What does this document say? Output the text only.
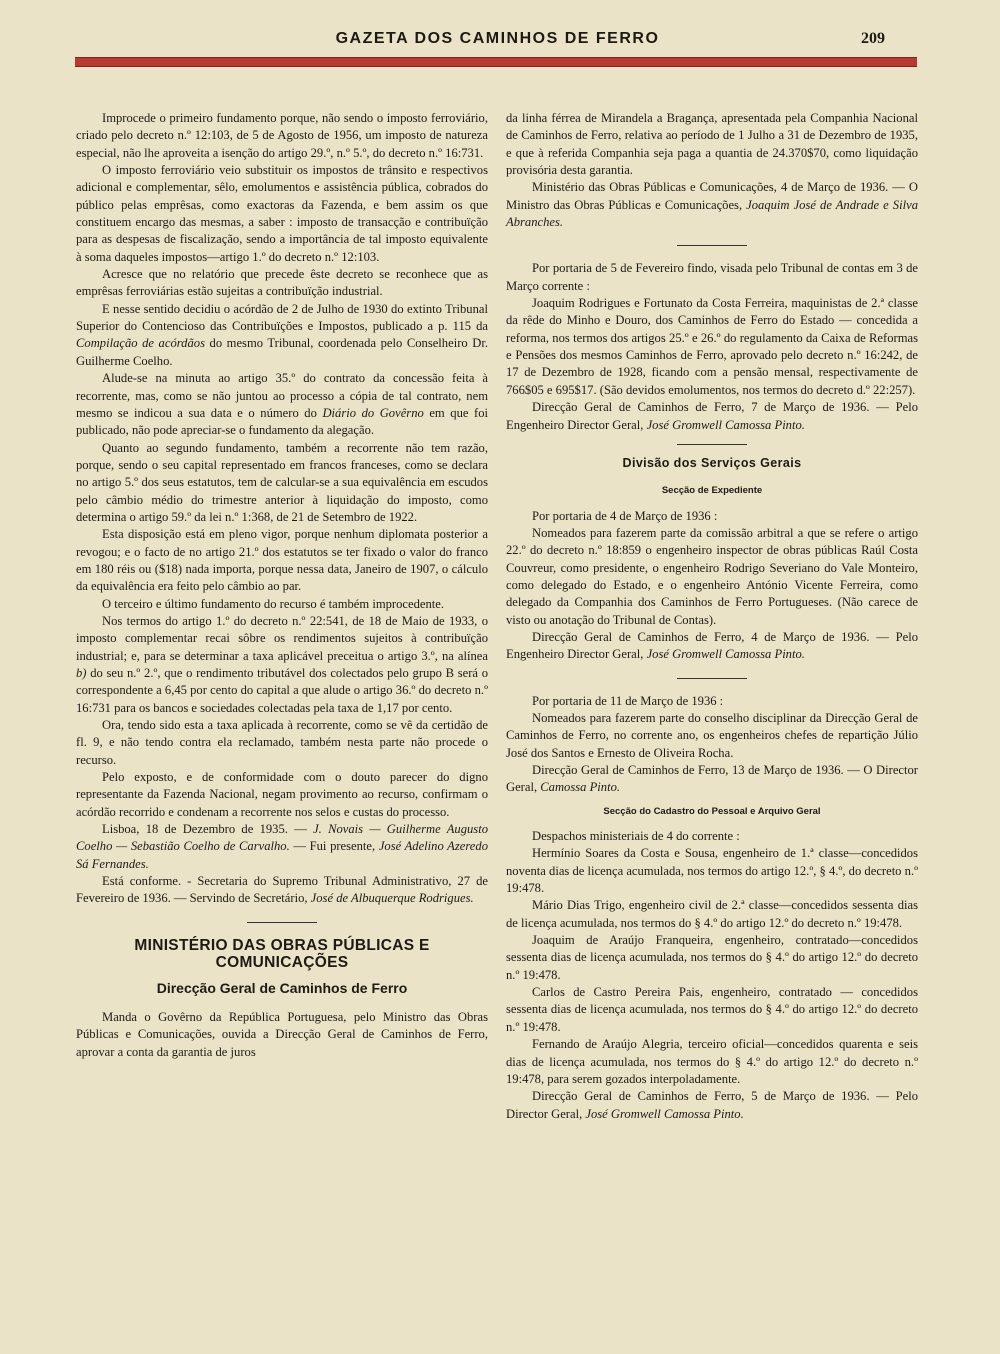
GAZETA DOS CAMINHOS DE FERRO	209

Improcede o primeiro fundamento porque, não sendo o imposto ferroviário, criado pelo decreto n.º 12:103, de 5 de Agosto de 1956, um imposto de natureza especial, não lhe aproveita a isenção do artigo 29.º, n.º 5.º, do decreto n.º 16:731.

O imposto ferroviário veio substituir os impostos de trânsito e respectivos adicional e complementar, sêlo, emolumentos e assistência pública, cobrados do público pelas emprêsas, como exactoras da Fazenda, e bem assim os que constituem encargo das mesmas, a saber : imposto de transacção e contribuïção para as despesas de fiscalização, sendo a importância de tal imposto equivalente à soma daqueles impostos—artigo 1.º do decreto n.º 12:103.

Acresce que no relatório que precede êste decreto se reconhece que as emprêsas ferroviárias estão sujeitas a contribuïção industrial.

E nesse sentido decidiu o acórdão de 2 de Julho de 1930 do extinto Tribunal Superior do Contencioso das Contribuïções e Impostos, publicado a p. 115 da Compilação de acórdãos do mesmo Tribunal, coordenada pelo Conselheiro Dr. Guilherme Coelho.

Alude-se na minuta ao artigo 35.º do contrato da concessão feita à recorrente, mas, como se não juntou ao processo a cópia de tal contrato, nem mesmo se indicou a sua data e o número do Diário do Govêrno em que foi publicado, não pode apreciar-se o fundamento da alegação.

Quanto ao segundo fundamento, também a recorrente não tem razão, porque, sendo o seu capital representado em francos franceses, como se declara no artigo 5.º dos seus estatutos, tem de calcular-se a sua equivalência em escudos pelo câmbio médio do trimestre anterior à liquidação do imposto, como determina o artigo 59.º da lei n.º 1:368, de 21 de Setembro de 1922.

Esta disposição está em pleno vigor, porque nenhum diplomata posterior a revogou; e o facto de no artigo 21.º dos estatutos se ter fixado o valor do franco em 180 réis ou ($18) nada importa, porque nessa data, Janeiro de 1907, o cálculo da equivalência era feito pelo câmbio ao par.

O terceiro e último fundamento do recurso é também improcedente.

Nos termos do artigo 1.º do decreto n.º 22:541, de 18 de Maio de 1933, o imposto complementar recai sôbre os rendimentos sujeitos à contribuïção industrial; e, para se determinar a taxa aplicável preceitua o artigo 3.º, na alínea b) do seu n.º 2.º, que o rendimento tributável dos colectados pelo grupo B será o correspondente a 6,45 por cento do capital a que alude o artigo 36.º do decreto n.º 16:731 para os bancos e sociedades colectadas pela taxa de 1,17 por cento.

Ora, tendo sido esta a taxa aplicada à recorrente, como se vê da certidão de fl. 9, e não tendo contra ela reclamado, também nesta parte não procede o recurso.

Pelo exposto, e de conformidade com o douto parecer do digno representante da Fazenda Nacional, negam provimento ao recurso, confirmam o acórdão recorrido e condenam a recorrente nos selos e custas do processo.

Lisboa, 18 de Dezembro de 1935. — J. Novais — Guilherme Augusto Coelho — Sebastião Coelho de Carvalho. — Fui presente, José Adelino Azeredo Sá Fernandes.

Está conforme. - Secretaria do Supremo Tribunal Administrativo, 27 de Fevereiro de 1936. — Servindo de Secretário, José de Albuquerque Rodrigues.

MINISTÉRIO DAS OBRAS PÚBLICAS E COMUNICAÇÕES
Direcção Geral de Caminhos de Ferro

Manda o Govêrno da República Portuguesa, pelo Ministro das Obras Públicas e Comunicações, ouvida a Direcção Geral de Caminhos de Ferro, aprovar a conta da garantia de juros

da linha férrea de Mirandela a Bragança, apresentada pela Companhia Nacional de Caminhos de Ferro, relativa ao período de 1 Julho a 31 de Dezembro de 1935, e que à referida Companhia seja paga a quantia de 24.370$70, como liquidação provisória desta garantia.

Ministério das Obras Públicas e Comunicações, 4 de Março de 1936. — O Ministro das Obras Públicas e Comunicações, Joaquim José de Andrade e Silva Abranches.

Por portaria de 5 de Fevereiro findo, visada pelo Tribunal de contas em 3 de Março corrente :

Joaquim Rodrigues e Fortunato da Costa Ferreira, maquinistas de 2.ª classe da rêde do Minho e Douro, dos Caminhos de Ferro do Estado — concedida a reforma, nos termos dos artigos 25.º e 26.º do regulamento da Caixa de Reformas e Pensões dos mesmos Caminhos de Ferro, aprovado pelo decreto n.º 16:242, de 17 de Dezembro de 1928, ficando com a pensão mensal, respectivamente de 766$05 e 695$17. (São devidos emolumentos, nos termos do decreto d.º 22:257).

Direcção Geral de Caminhos de Ferro, 7 de Março de 1936. — Pelo Engenheiro Director Geral, José Gromwell Camossa Pinto.

Divisão dos Serviços Gerais
Secção de Expediente

Por portaria de 4 de Março de 1936 :

Nomeados para fazerem parte da comissão arbitral a que se refere o artigo 22.º do decreto n.º 18:859 o engenheiro inspector de obras públicas Raúl Costa Couvreur, como presidente, o engenheiro Rodrigo Severiano do Vale Monteiro, como delegado do Estado, e o engenheiro António Vicente Ferreira, como delegado da Companhia dos Caminhos de Ferro Portugueses. (Não carece de visto ou anotação do Tribunal de Contas).

Direcção Geral de Caminhos de Ferro, 4 de Março de 1936. — Pelo Engenheiro Director Geral, José Gromwell Camossa Pinto.

Por portaria de 11 de Março de 1936 :

Nomeados para fazerem parte do conselho disciplinar da Direcção Geral de Caminhos de Ferro, no corrente ano, os engenheiros chefes de repartição Júlio José dos Santos e Ernesto de Oliveira Rocha.

Direcção Geral de Caminhos de Ferro, 13 de Março de 1936. — O Director Geral, Camossa Pinto.

Secção do Cadastro do Pessoal e Arquivo Geral

Despachos ministeriais de 4 do corrente :

Hermínio Soares da Costa e Sousa, engenheiro de 1.ª classe—concedidos noventa dias de licença acumulada, nos termos do artigo 12.º, § 4.º, do decreto n.º 19:478.

Mário Dias Trigo, engenheiro civil de 2.ª classe—concedidos sessenta dias de licença acumulada, nos termos do § 4.º do artigo 12.º do decreto n.º 19:478.

Joaquim de Araújo Franqueira, engenheiro, contratado—concedidos sessenta dias de licença acumulada, nos termos do § 4.º do artigo 12.º do decreto n.º 19:478.

Carlos de Castro Pereira Pais, engenheiro, contratado — concedidos sessenta dias de licença acumulada, nos termos do § 4.º do artigo 12.º do decreto n.º 19:478.

Fernando de Araújo Alegria, terceiro oficial—concedidos quarenta e seis dias de licença acumulada, nos termos do § 4.º do artigo 12.º do decreto n.º 19:478, para serem gozados interpoladamente.

Direcção Geral de Caminhos de Ferro, 5 de Março de 1936. — Pelo Director Geral, José Gromwell Camossa Pinto.
